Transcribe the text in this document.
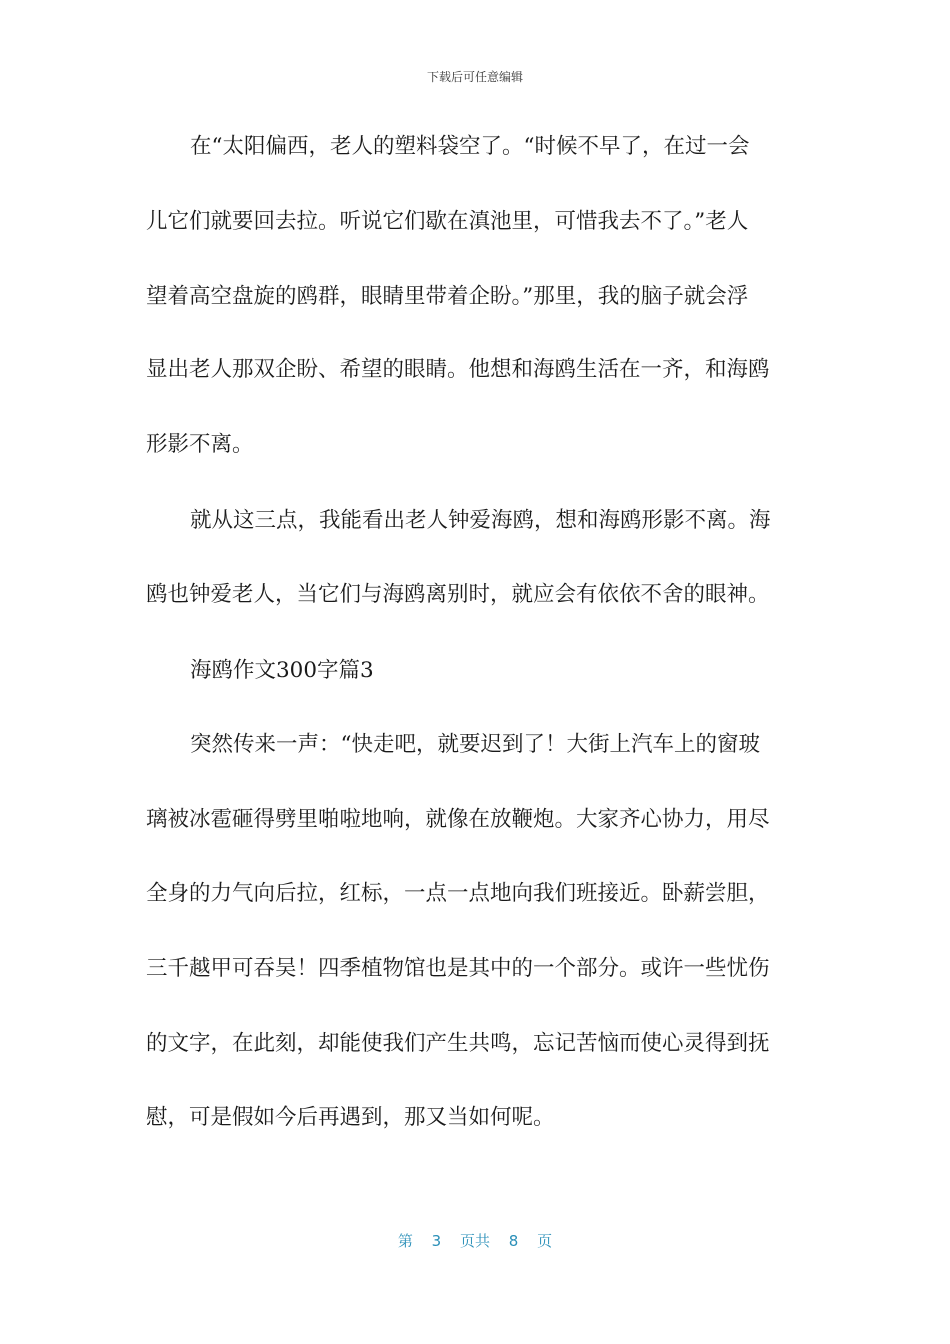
下载后可任意编辑
在“太阳偏西，老人的塑料袋空了。“时候不早了，在过一会
儿它们就要回去拉。听说它们歇在滇池里，可惜我去不了。”老人
望着高空盘旋的鸥群，眼睛里带着企盼。”那里，我的脑子就会浮
显出老人那双企盼、希望的眼睛。他想和海鸥生活在一齐，和海鸥
形影不离。
就从这三点，我能看出老人钟爱海鸥，想和海鸥形影不离。海
鸥也钟爱老人，当它们与海鸥离别时，就应会有依依不舍的眼神。
海鸥作文300字篇3
突然传来一声：“快走吧，就要迟到了！大街上汽车上的窗玻
璃被冰雹砸得劈里啪啦地响，就像在放鞭炮。大家齐心协力，用尽
全身的力气向后拉，红标，一点一点地向我们班接近。卧薪尝胆，
三千越甲可吞吴！四季植物馆也是其中的一个部分。或许一些忧伤
的文字，在此刻，却能使我们产生共鸣，忘记苦恼而使心灵得到抚
慰，可是假如今后再遇到，那又当如何呢。
第 3 页共 8 页
